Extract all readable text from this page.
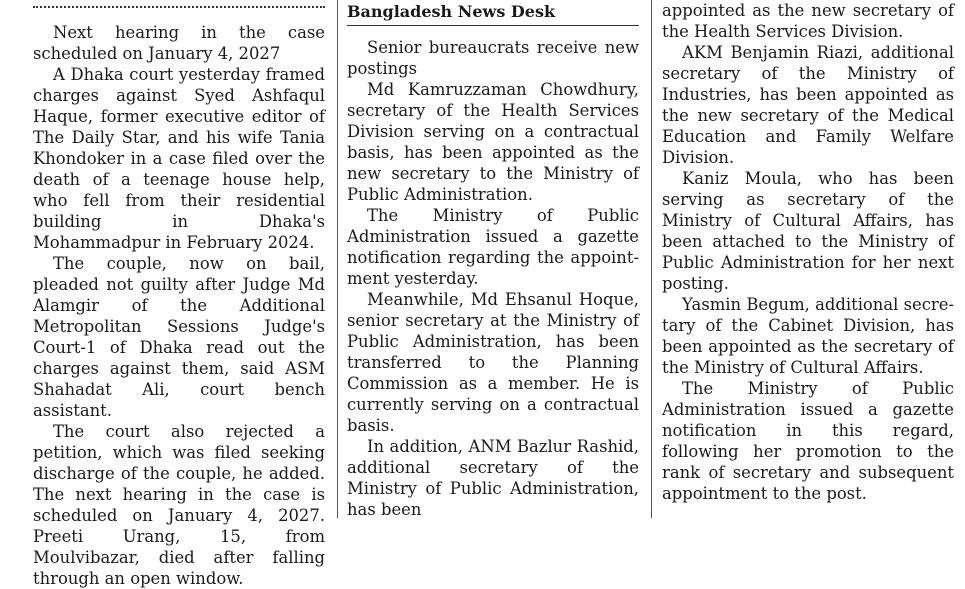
Next hearing in the case scheduled on January 4, 2027

A Dhaka court yesterday framed charges against Syed Ashfaqul Haque, former executive editor of The Daily Star, and his wife Tania Khondoker in a case filed over the death of a teenage house help, who fell from their residential building in Dhaka's Mohammadpur in February 2024.

The couple, now on bail, pleaded not guilty after Judge Md Alamgir of the Additional Metropolitan Sessions Judge's Court-1 of Dhaka read out the charges against them, said ASM Shahadat Ali, court bench assistant.

The court also rejected a petition, which was filed seeking discharge of the couple, he added. The next hearing in the case is scheduled on January 4, 2027. Preeti Urang, 15, from Moulvibazar, died after falling through an open window.

Bangladesh News Desk

Senior bureaucrats receive new postings

Md Kamruzzaman Chowdhury, secretary of the Health Services Division serving on a contractual basis, has been appointed as the new secretary to the Ministry of Public Administration.

The Ministry of Public Administration issued a gazette notification regarding the appointment yesterday.

Meanwhile, Md Ehsanul Hoque, senior secretary at the Ministry of Public Administration, has been transferred to the Planning Commission as a member. He is currently serving on a contractual basis.

In addition, ANM Bazlur Rashid, additional secretary of the Ministry of Public Administration, has been

appointed as the new secretary of the Health Services Division.

AKM Benjamin Riazi, additional secretary of the Ministry of Industries, has been appointed as the new secretary of the Medical Education and Family Welfare Division.

Kaniz Moula, who has been serving as secretary of the Ministry of Cultural Affairs, has been attached to the Ministry of Public Administration for her next posting.

Yasmin Begum, additional secretary of the Cabinet Division, has been appointed as the secretary of the Ministry of Cultural Affairs.

The Ministry of Public Administration issued a gazette notification in this regard, following her promotion to the rank of secretary and subsequent appointment to the post.
